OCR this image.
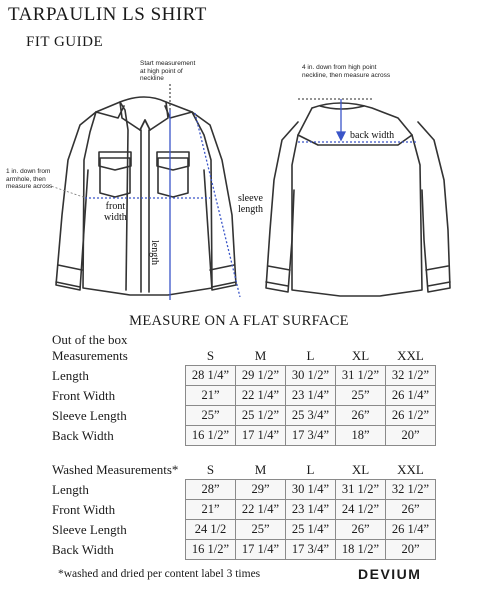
TARPAULIN LS SHIRT
FIT GUIDE
Start measurement
at high point of
neckline
1 in. down from
armhole, then
measure across
front
width
sleeve
length
length
4 in. down from high point
neckline, then measure across
back width
MEASURE ON A FLAT SURFACE
Out of the box
Measurements	S	M	L	XL	XXL
Length	28 1/4”	29 1/2”	30 1/2”	31 1/2”	32 1/2”
Front Width	21”	22 1/4”	23 1/4”	25”	26 1/4”
Sleeve Length	25”	25 1/2”	25 3/4”	26”	26 1/2”
Back Width	16 1/2”	17 1/4”	17 3/4”	18”	20”
Washed Measurements*	S	M	L	XL	XXL
Length	28”	29”	30 1/4”	31 1/2”	32 1/2”
Front Width	21”	22 1/4”	23 1/4”	24 1/2”	26”
Sleeve Length	24 1/2	25”	25 1/4”	26”	26 1/4”
Back Width	16 1/2”	17 1/4”	17 3/4”	18 1/2”	20”
*washed and dried per content label 3 times	DEVIUM
